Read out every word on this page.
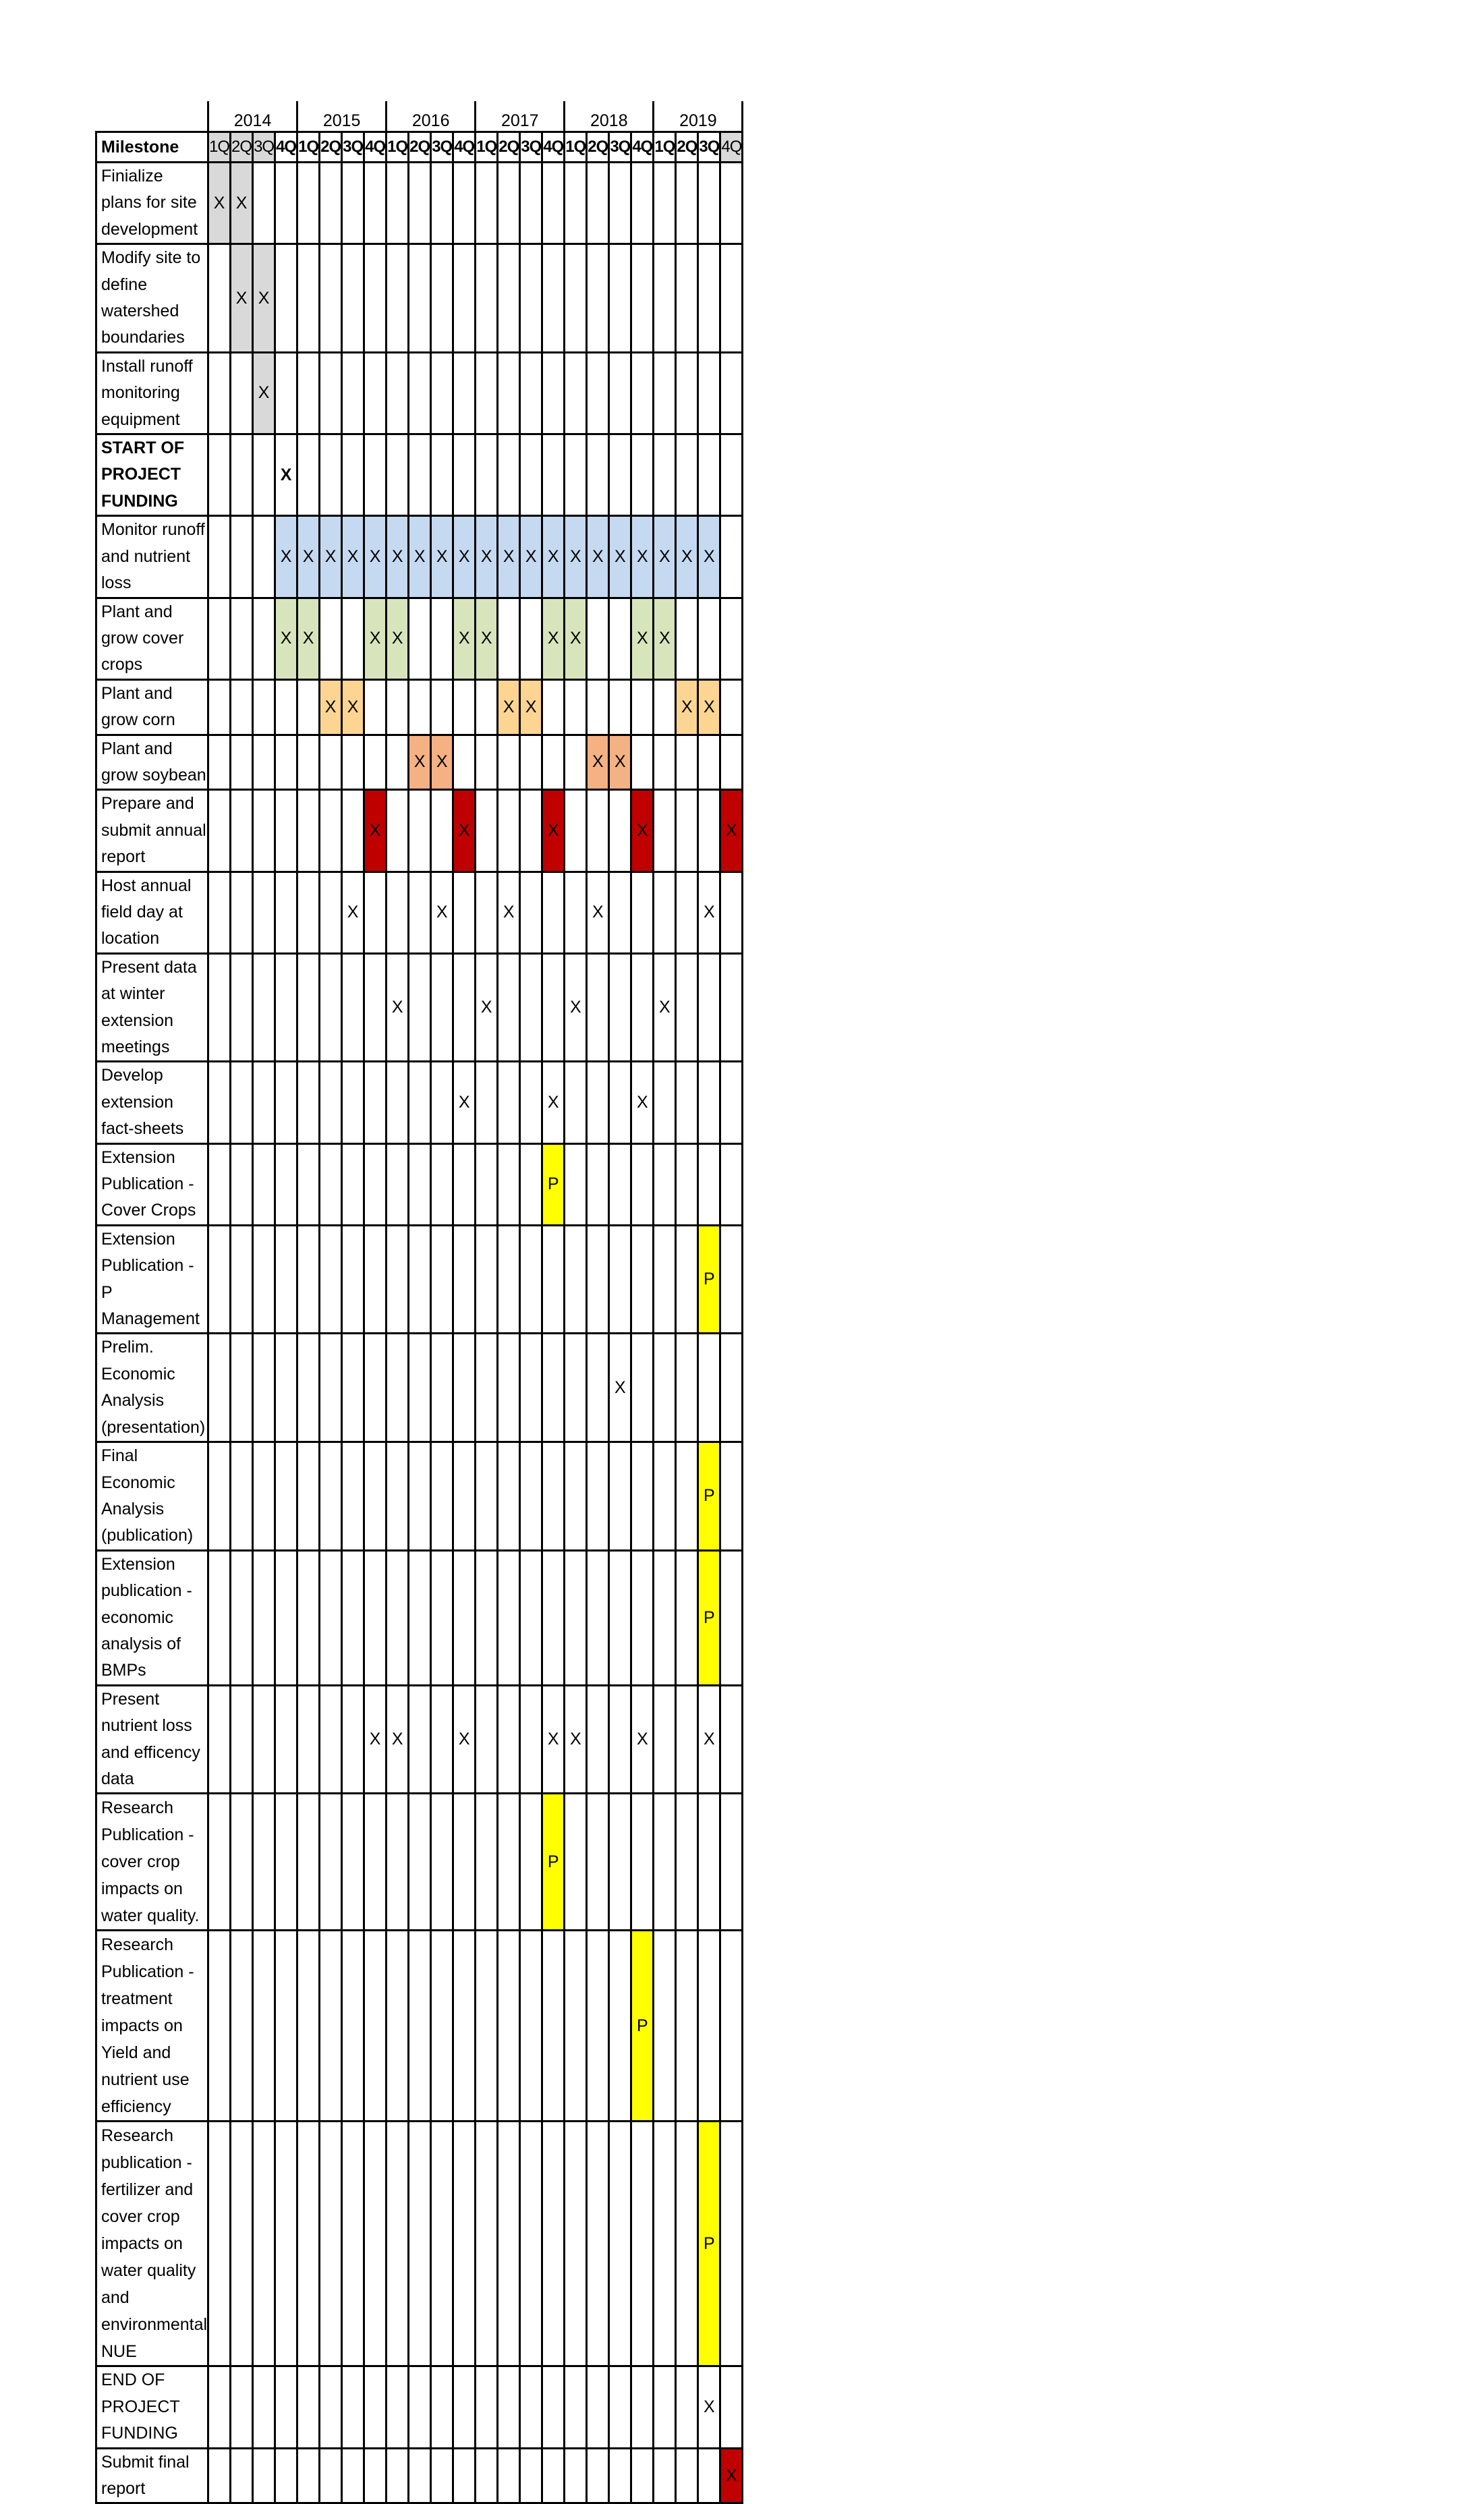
	2014				2015				2016				2017				2018				2019			
Milestone	1Q	2Q	3Q	4Q	1Q	2Q	3Q	4Q	1Q	2Q	3Q	4Q	1Q	2Q	3Q	4Q	1Q	2Q	3Q	4Q	1Q	2Q	3Q	4Q
Finialize plans for site development	X	X																						
Modify site to define watershed boundaries		X	X																					
Install runoff monitoring equipment			X																					
START OF PROJECT FUNDING				X																				
Monitor runoff and nutrient loss				X	X	X	X	X	X	X	X	X	X	X	X	X	X	X	X	X	X	X	X	
Plant and grow cover crops				X	X			X	X			X	X			X	X			X	X			
Plant and grow corn						X	X							X	X							X	X	
Plant and grow soybean										X	X							X	X					
Prepare and submit annual report								X				X				X				X				X
Host annual field day at location							X				X			X				X					X	
Present data at winter extension meetings									X				X				X				X			
Develop extension fact-sheets												X				X				X				
Extension Publication - Cover Crops																P								
Extension Publication - P Management																							P	
Prelim. Economic Analysis (presentation)																			X					
Final Economic Analysis (publication)																							P	
Extension publication - economic analysis of BMPs																							P	
Present nutrient loss and efficency data								X	X			X				X	X			X			X	
Research Publication - cover crop impacts on water quality.																P								
Research Publication - treatment impacts on Yield and nutrient use efficiency																				P				
Research publication - fertilizer and cover crop impacts on water quality and environmental NUE																							P	
END OF PROJECT FUNDING																							X	
Submit final report																								X
